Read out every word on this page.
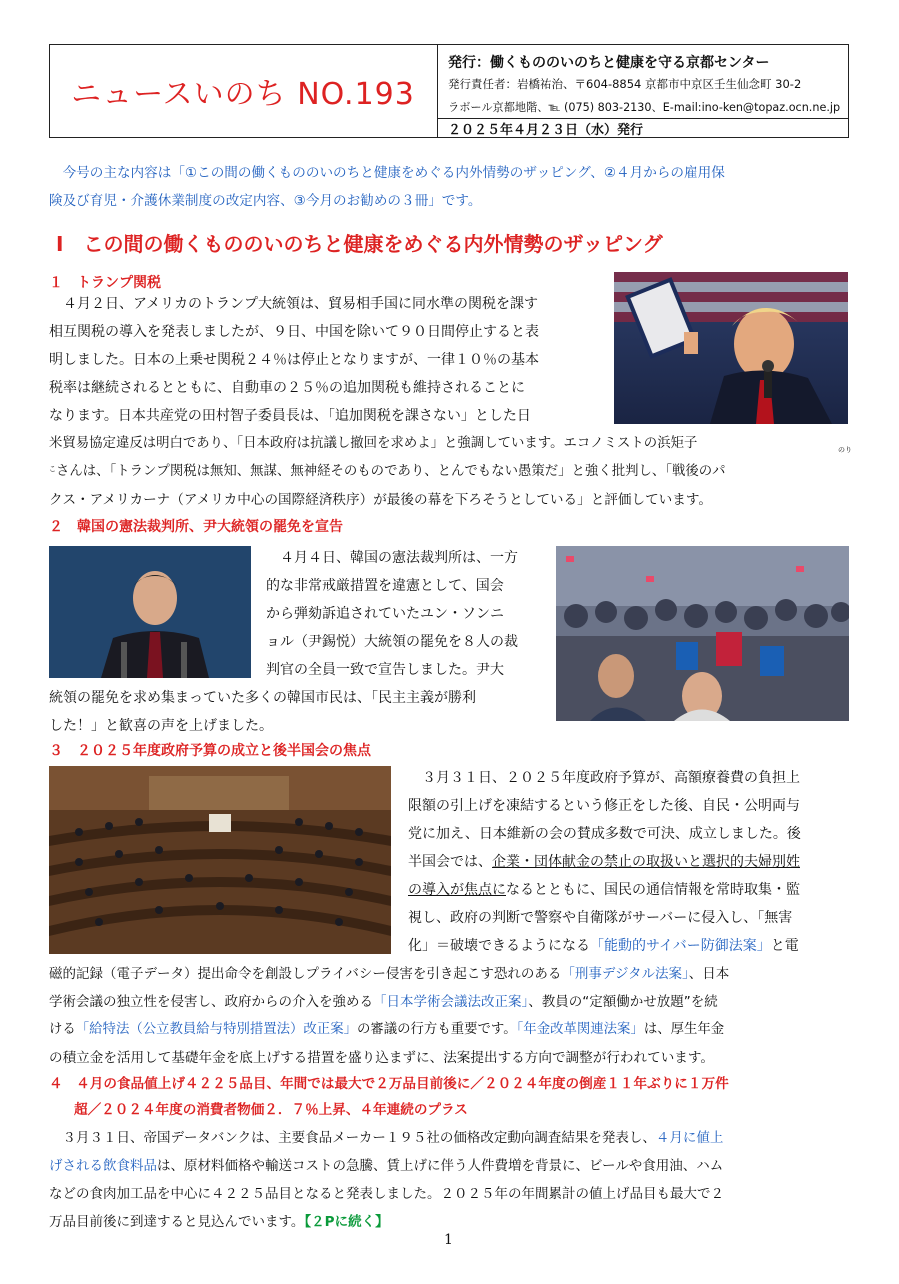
ニュースいのち NO.193
発行：働くもののいのちと健康を守る京都センター
発行責任者：岩橋祐治、〒604-8854 京都市中京区壬生仙念町 30-2
ラボール京都地階、℡ (075) 803-2130、E-mail:ino-ken@topaz.ocn.ne.jp
２０２５年４月２３日（水）発行
　今号の主な内容は「①この間の働くもののいのちと健康をめぐる内外情勢のザッピング、②４月からの雇用保
険及び育児・介護休業制度の改定内容、③今月のお勧めの３冊」です。
Ⅰ　この間の働くもののいのちと健康をめぐる内外情勢のザッピング
１　トランプ関税
　４月２日、アメリカのトランプ大統領は、貿易相手国に同水準の関税を課す
相互関税の導入を発表しましたが、９日、中国を除いて９０日間停止すると表
明しました。日本の上乗せ関税２４％は停止となりますが、一律１０％の基本
税率は継続されるとともに、自動車の２５％の追加関税も維持されることに
なります。日本共産党の田村智子委員長は、「追加関税を課さない」とした日
米貿易協定違反は明白であり、「日本政府は抗議し撤回を求めよ」と強調しています。エコノミストの浜矩子	のり
こ さんは、「トランプ関税は無知、無謀、無神経そのものであり、とんでもない愚策だ」と強く批判し、「戦後のパ
クス・アメリカーナ（アメリカ中心の国際経済秩序）が最後の幕を下ろそうとしている」と評価しています。
２　韓国の憲法裁判所、尹大統領の罷免を宣告
　４月４日、韓国の憲法裁判所は、一方
的な非常戒厳措置を違憲として、国会
から弾劾訴追されていたユン・ソンニ
ョル（尹錫悦）大統領の罷免を８人の裁
判官の全員一致で宣告しました。尹大
統領の罷免を求め集まっていた多くの韓国市民は、「民主主義が勝利
した！」と歓喜の声を上げました。
３　２０２５年度政府予算の成立と後半国会の焦点
　３月３１日、２０２５年度政府予算が、高額療養費の負担上
限額の引上げを凍結するという修正をした後、自民・公明両与
党に加え、日本維新の会の賛成多数で可決、成立しました。後
半国会では、企業・団体献金の禁止の取扱いと選択的夫婦別姓
の導入が焦点になるとともに、国民の通信情報を常時取集・監
視し、政府の判断で警察や自衛隊がサーバーに侵入し、「無害
化」＝破壊できるようになる「能動的サイバー防御法案」と電
磁的記録（電子データ）提出命令を創設しプライバシー侵害を引き起こす恐れのある「刑事デジタル法案」、日本
学術会議の独立性を侵害し、政府からの介入を強める「日本学術会議法改正案」、教員の“定額働かせ放題”を続
ける「給特法（公立教員給与特別措置法）改正案」の審議の行方も重要です。「年金改革関連法案」は、厚生年金
の積立金を活用して基礎年金を底上げする措置を盛り込まずに、法案提出する方向で調整が行われています。
４　４月の食品値上げ４２２５品目、年間では最大で２万品目前後に／２０２４年度の倒産１１年ぶりに１万件
超／２０２４年度の消費者物価２．７％上昇、４年連続のプラス
　３月３１日、帝国データバンクは、主要食品メーカー１９５社の価格改定動向調査結果を発表し、４月に値上
げされる飲食料品は、原材料価格や輸送コストの急騰、賃上げに伴う人件費増を背景に、ビールや食用油、ハム
などの食肉加工品を中心に４２２５品目となると発表しました。２０２５年の年間累計の値上げ品目も最大で２
万品目前後に到達すると見込んでいます。【２Pに続く】
1
